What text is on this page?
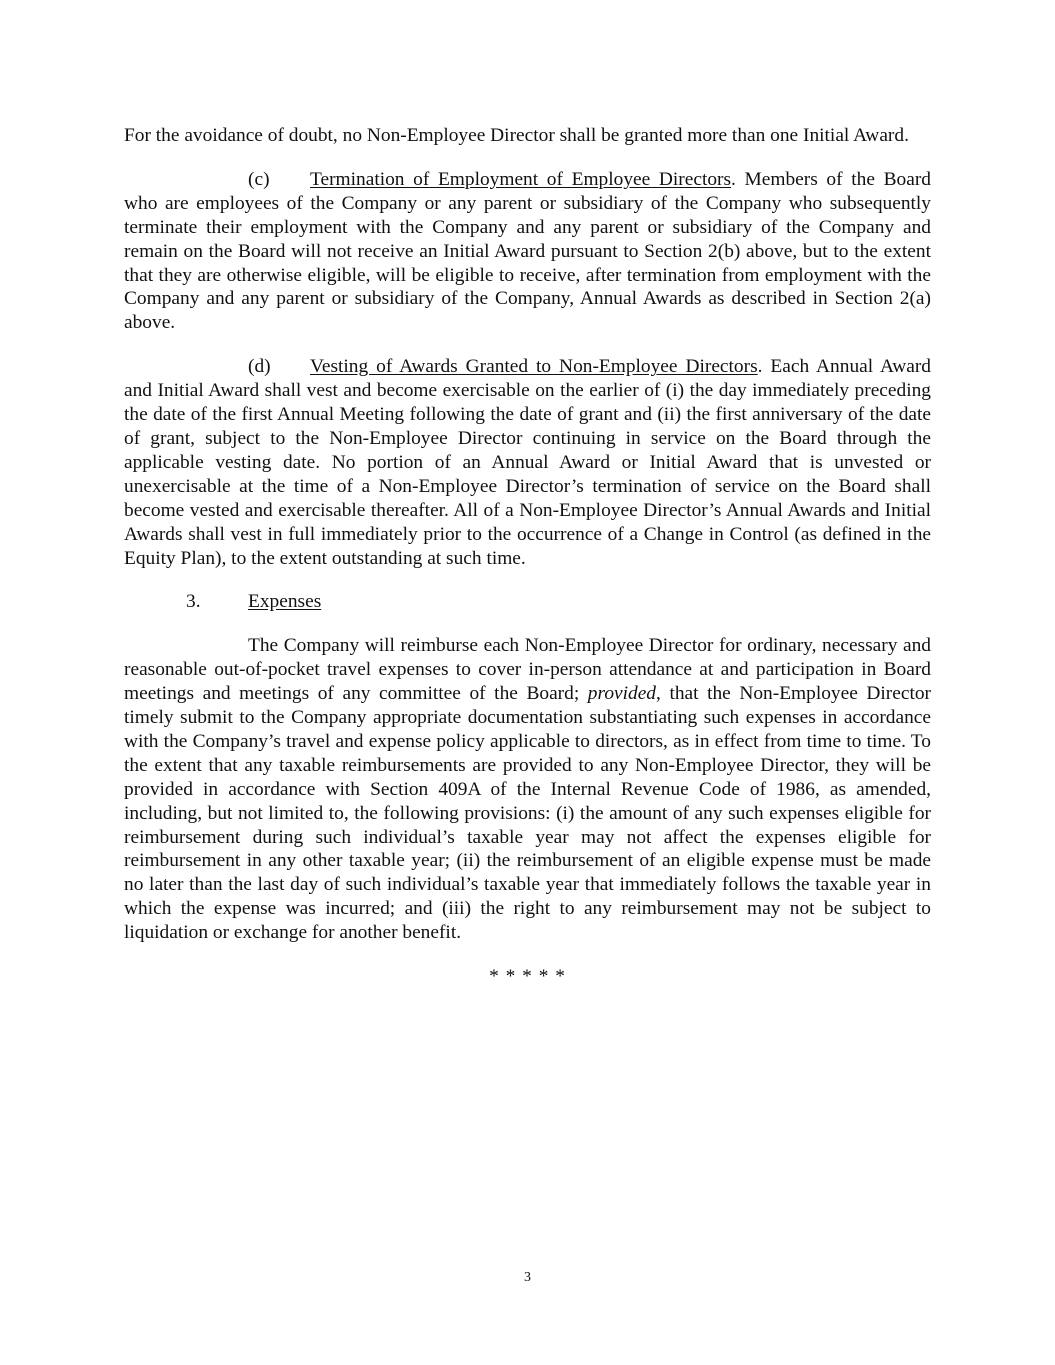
For the avoidance of doubt, no Non-Employee Director shall be granted more than one Initial Award.

(c) Termination of Employment of Employee Directors. Members of the Board who are employees of the Company or any parent or subsidiary of the Company who subsequently terminate their employment with the Company and any parent or subsidiary of the Company and remain on the Board will not receive an Initial Award pursuant to Section 2(b) above, but to the extent that they are otherwise eligible, will be eligible to receive, after termination from employment with the Company and any parent or subsidiary of the Company, Annual Awards as described in Section 2(a) above.

(d) Vesting of Awards Granted to Non-Employee Directors. Each Annual Award and Initial Award shall vest and become exercisable on the earlier of (i) the day immediately preceding the date of the first Annual Meeting following the date of grant and (ii) the first anniversary of the date of grant, subject to the Non-Employee Director continuing in service on the Board through the applicable vesting date. No portion of an Annual Award or Initial Award that is unvested or unexercisable at the time of a Non-Employee Director’s termination of service on the Board shall become vested and exercisable thereafter. All of a Non-Employee Director’s Annual Awards and Initial Awards shall vest in full immediately prior to the occurrence of a Change in Control (as defined in the Equity Plan), to the extent outstanding at such time.

3. Expenses

The Company will reimburse each Non-Employee Director for ordinary, necessary and reasonable out-of-pocket travel expenses to cover in-person attendance at and participation in Board meetings and meetings of any committee of the Board; provided, that the Non-Employee Director timely submit to the Company appropriate documentation substantiating such expenses in accordance with the Company’s travel and expense policy applicable to directors, as in effect from time to time. To the extent that any taxable reimbursements are provided to any Non-Employee Director, they will be provided in accordance with Section 409A of the Internal Revenue Code of 1986, as amended, including, but not limited to, the following provisions: (i) the amount of any such expenses eligible for reimbursement during such individual’s taxable year may not affect the expenses eligible for reimbursement in any other taxable year; (ii) the reimbursement of an eligible expense must be made no later than the last day of such individual’s taxable year that immediately follows the taxable year in which the expense was incurred; and (iii) the right to any reimbursement may not be subject to liquidation or exchange for another benefit.

* * * * *

3
